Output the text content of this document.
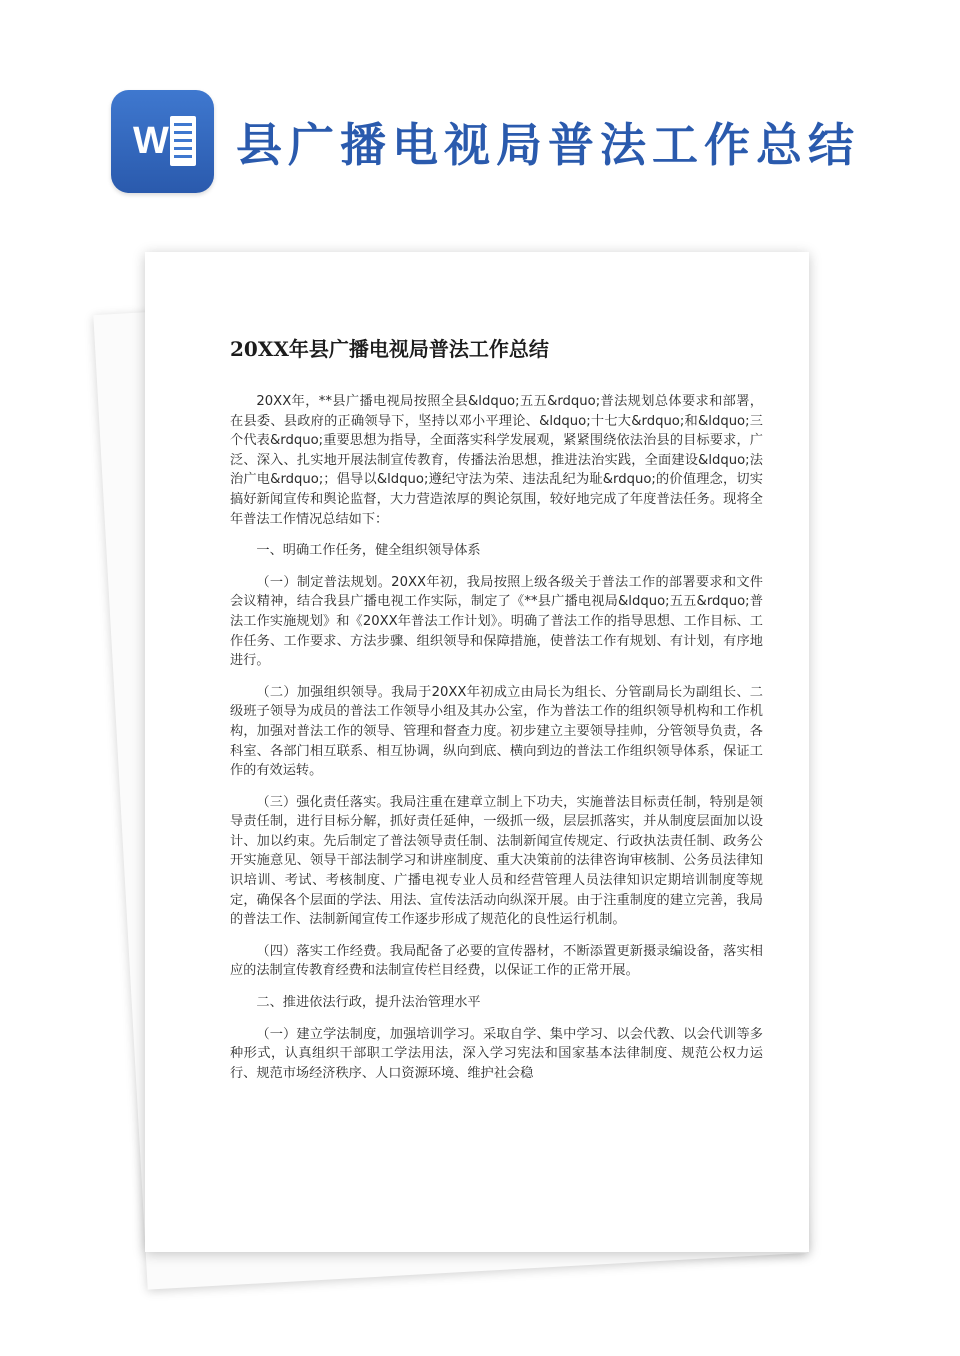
W 县广播电视局普法工作总结
20XX年县广播电视局普法工作总结

20XX年，**县广播电视局按照全县&ldquo;五五&rdquo;普法规划总体要求和部署，在县委、县政府的正确领导下，坚持以邓小平理论、&ldquo;十七大&rdquo;和&ldquo;三个代表&rdquo;重要思想为指导，全面落实科学发展观，紧紧围绕依法治县的目标要求，广泛、深入、扎实地开展法制宣传教育，传播法治思想，推进法治实践，全面建设&ldquo;法治广电&rdquo;；倡导以&ldquo;遵纪守法为荣、违法乱纪为耻&rdquo;的价值理念，切实搞好新闻宣传和舆论监督，大力营造浓厚的舆论氛围，较好地完成了年度普法任务。现将全年普法工作情况总结如下：

一、明确工作任务，健全组织领导体系

（一）制定普法规划。20XX年初，我局按照上级各级关于普法工作的部署要求和文件会议精神，结合我县广播电视工作实际，制定了《**县广播电视局&ldquo;五五&rdquo;普法工作实施规划》和《20XX年普法工作计划》。明确了普法工作的指导思想、工作目标、工作任务、工作要求、方法步骤、组织领导和保障措施，使普法工作有规划、有计划，有序地进行。

（二）加强组织领导。我局于20XX年初成立由局长为组长、分管副局长为副组长、二级班子领导为成员的普法工作领导小组及其办公室，作为普法工作的组织领导机构和工作机构，加强对普法工作的领导、管理和督查力度。初步建立主要领导挂帅，分管领导负责，各科室、各部门相互联系、相互协调，纵向到底、横向到边的普法工作组织领导体系，保证工作的有效运转。

（三）强化责任落实。我局注重在建章立制上下功夫，实施普法目标责任制，特别是领导责任制，进行目标分解，抓好责任延伸，一级抓一级，层层抓落实，并从制度层面加以设计、加以约束。先后制定了普法领导责任制、法制新闻宣传规定、行政执法责任制、政务公开实施意见、领导干部法制学习和讲座制度、重大决策前的法律咨询审核制、公务员法律知识培训、考试、考核制度、广播电视专业人员和经营管理人员法律知识定期培训制度等规定，确保各个层面的学法、用法、宣传法活动向纵深开展。由于注重制度的建立完善，我局的普法工作、法制新闻宣传工作逐步形成了规范化的良性运行机制。

（四）落实工作经费。我局配备了必要的宣传器材，不断添置更新摄录编设备，落实相应的法制宣传教育经费和法制宣传栏目经费，以保证工作的正常开展。

二、推进依法行政，提升法治管理水平

（一）建立学法制度，加强培训学习。采取自学、集中学习、以会代教、以会代训等多种形式，认真组织干部职工学法用法，深入学习宪法和国家基本法律制度、规范公权力运行、规范市场经济秩序、人口资源环境、维护社会稳
